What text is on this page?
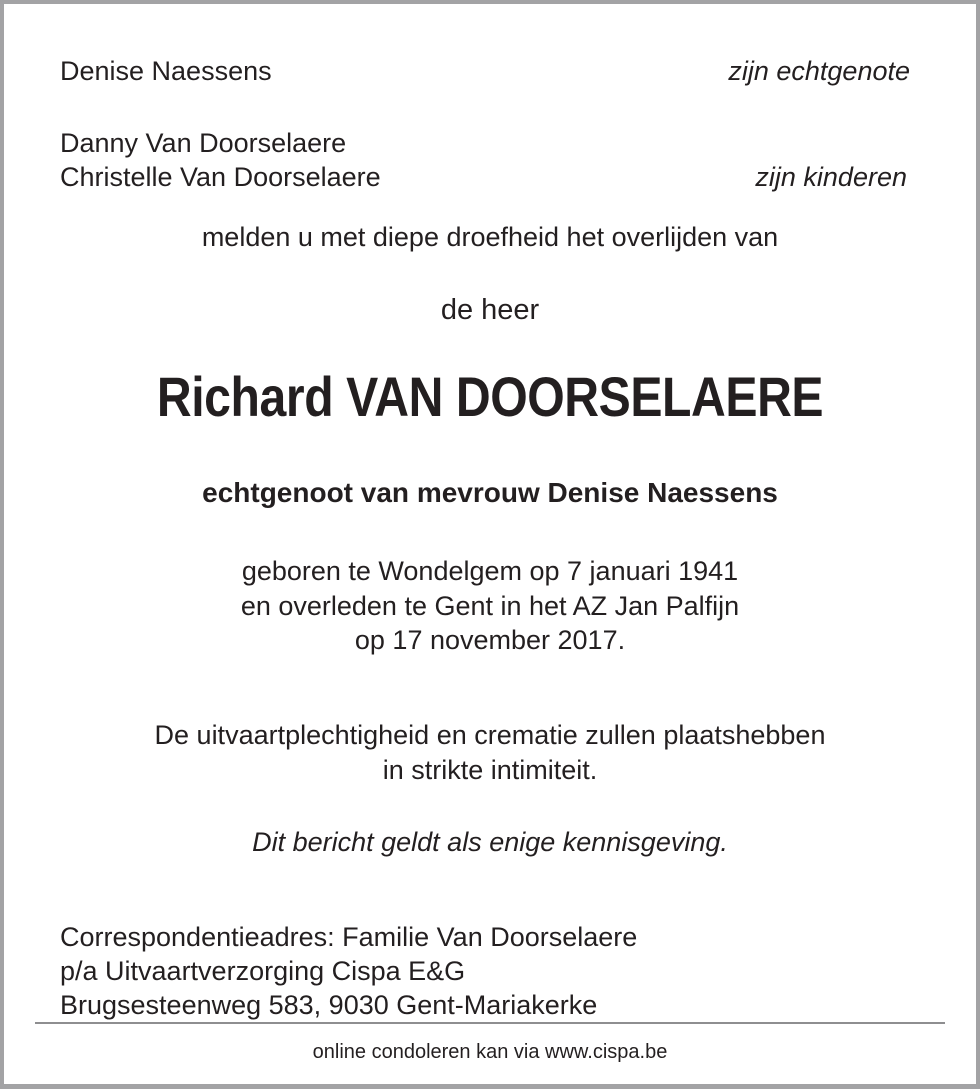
Denise Naessens	zijn echtgenote
Danny Van Doorselaere
Christelle Van Doorselaere	zijn kinderen
melden u met diepe droefheid het overlijden van
de heer
Richard VAN DOORSELAERE
echtgenoot van mevrouw Denise Naessens
geboren te Wondelgem op 7 januari 1941
en overleden te Gent in het AZ Jan Palfijn
op 17 november 2017.
De uitvaartplechtigheid en crematie zullen plaatshebben
in strikte intimiteit.
Dit bericht geldt als enige kennisgeving.
Correspondentieadres: Familie Van Doorselaere
p/a Uitvaartverzorging Cispa E&G
Brugsesteenweg 583, 9030 Gent-Mariakerke
online condoleren kan via www.cispa.be
